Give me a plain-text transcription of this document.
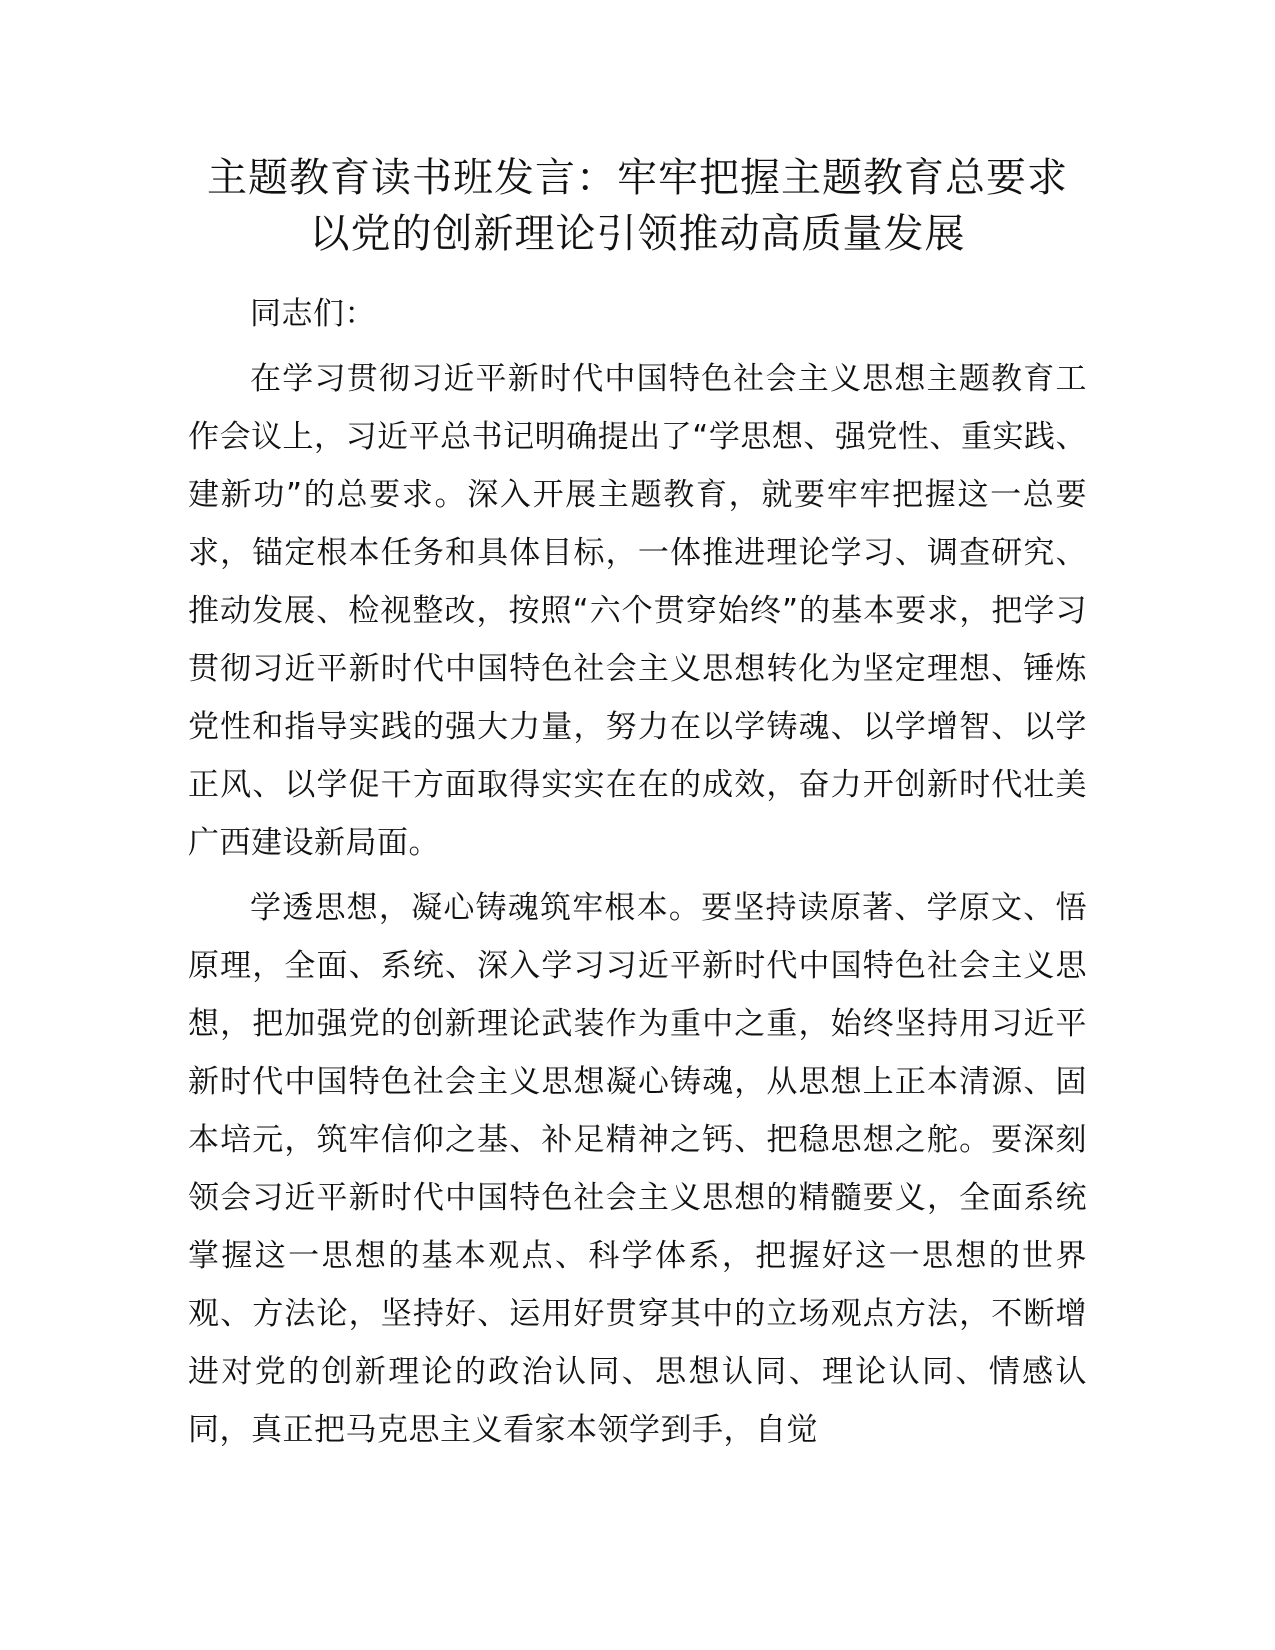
主题教育读书班发言：牢牢把握主题教育总要求以党的创新理论引领推动高质量发展

同志们：

在学习贯彻习近平新时代中国特色社会主义思想主题教育工作会议上，习近平总书记明确提出了“学思想、强党性、重实践、建新功”的总要求。深入开展主题教育，就要牢牢把握这一总要求，锚定根本任务和具体目标，一体推进理论学习、调查研究、推动发展、检视整改，按照“六个贯穿始终”的基本要求，把学习贯彻习近平新时代中国特色社会主义思想转化为坚定理想、锤炼党性和指导实践的强大力量，努力在以学铸魂、以学增智、以学正风、以学促干方面取得实实在在的成效，奋力开创新时代壮美广西建设新局面。

学透思想，凝心铸魂筑牢根本。要坚持读原著、学原文、悟原理，全面、系统、深入学习习近平新时代中国特色社会主义思想，把加强党的创新理论武装作为重中之重，始终坚持用习近平新时代中国特色社会主义思想凝心铸魂，从思想上正本清源、固本培元，筑牢信仰之基、补足精神之钙、把稳思想之舵。要深刻领会习近平新时代中国特色社会主义思想的精髓要义，全面系统掌握这一思想的基本观点、科学体系，把握好这一思想的世界观、方法论，坚持好、运用好贯穿其中的立场观点方法，不断增进对党的创新理论的政治认同、思想认同、理论认同、情感认同，真正把马克思主义看家本领学到手，自觉
